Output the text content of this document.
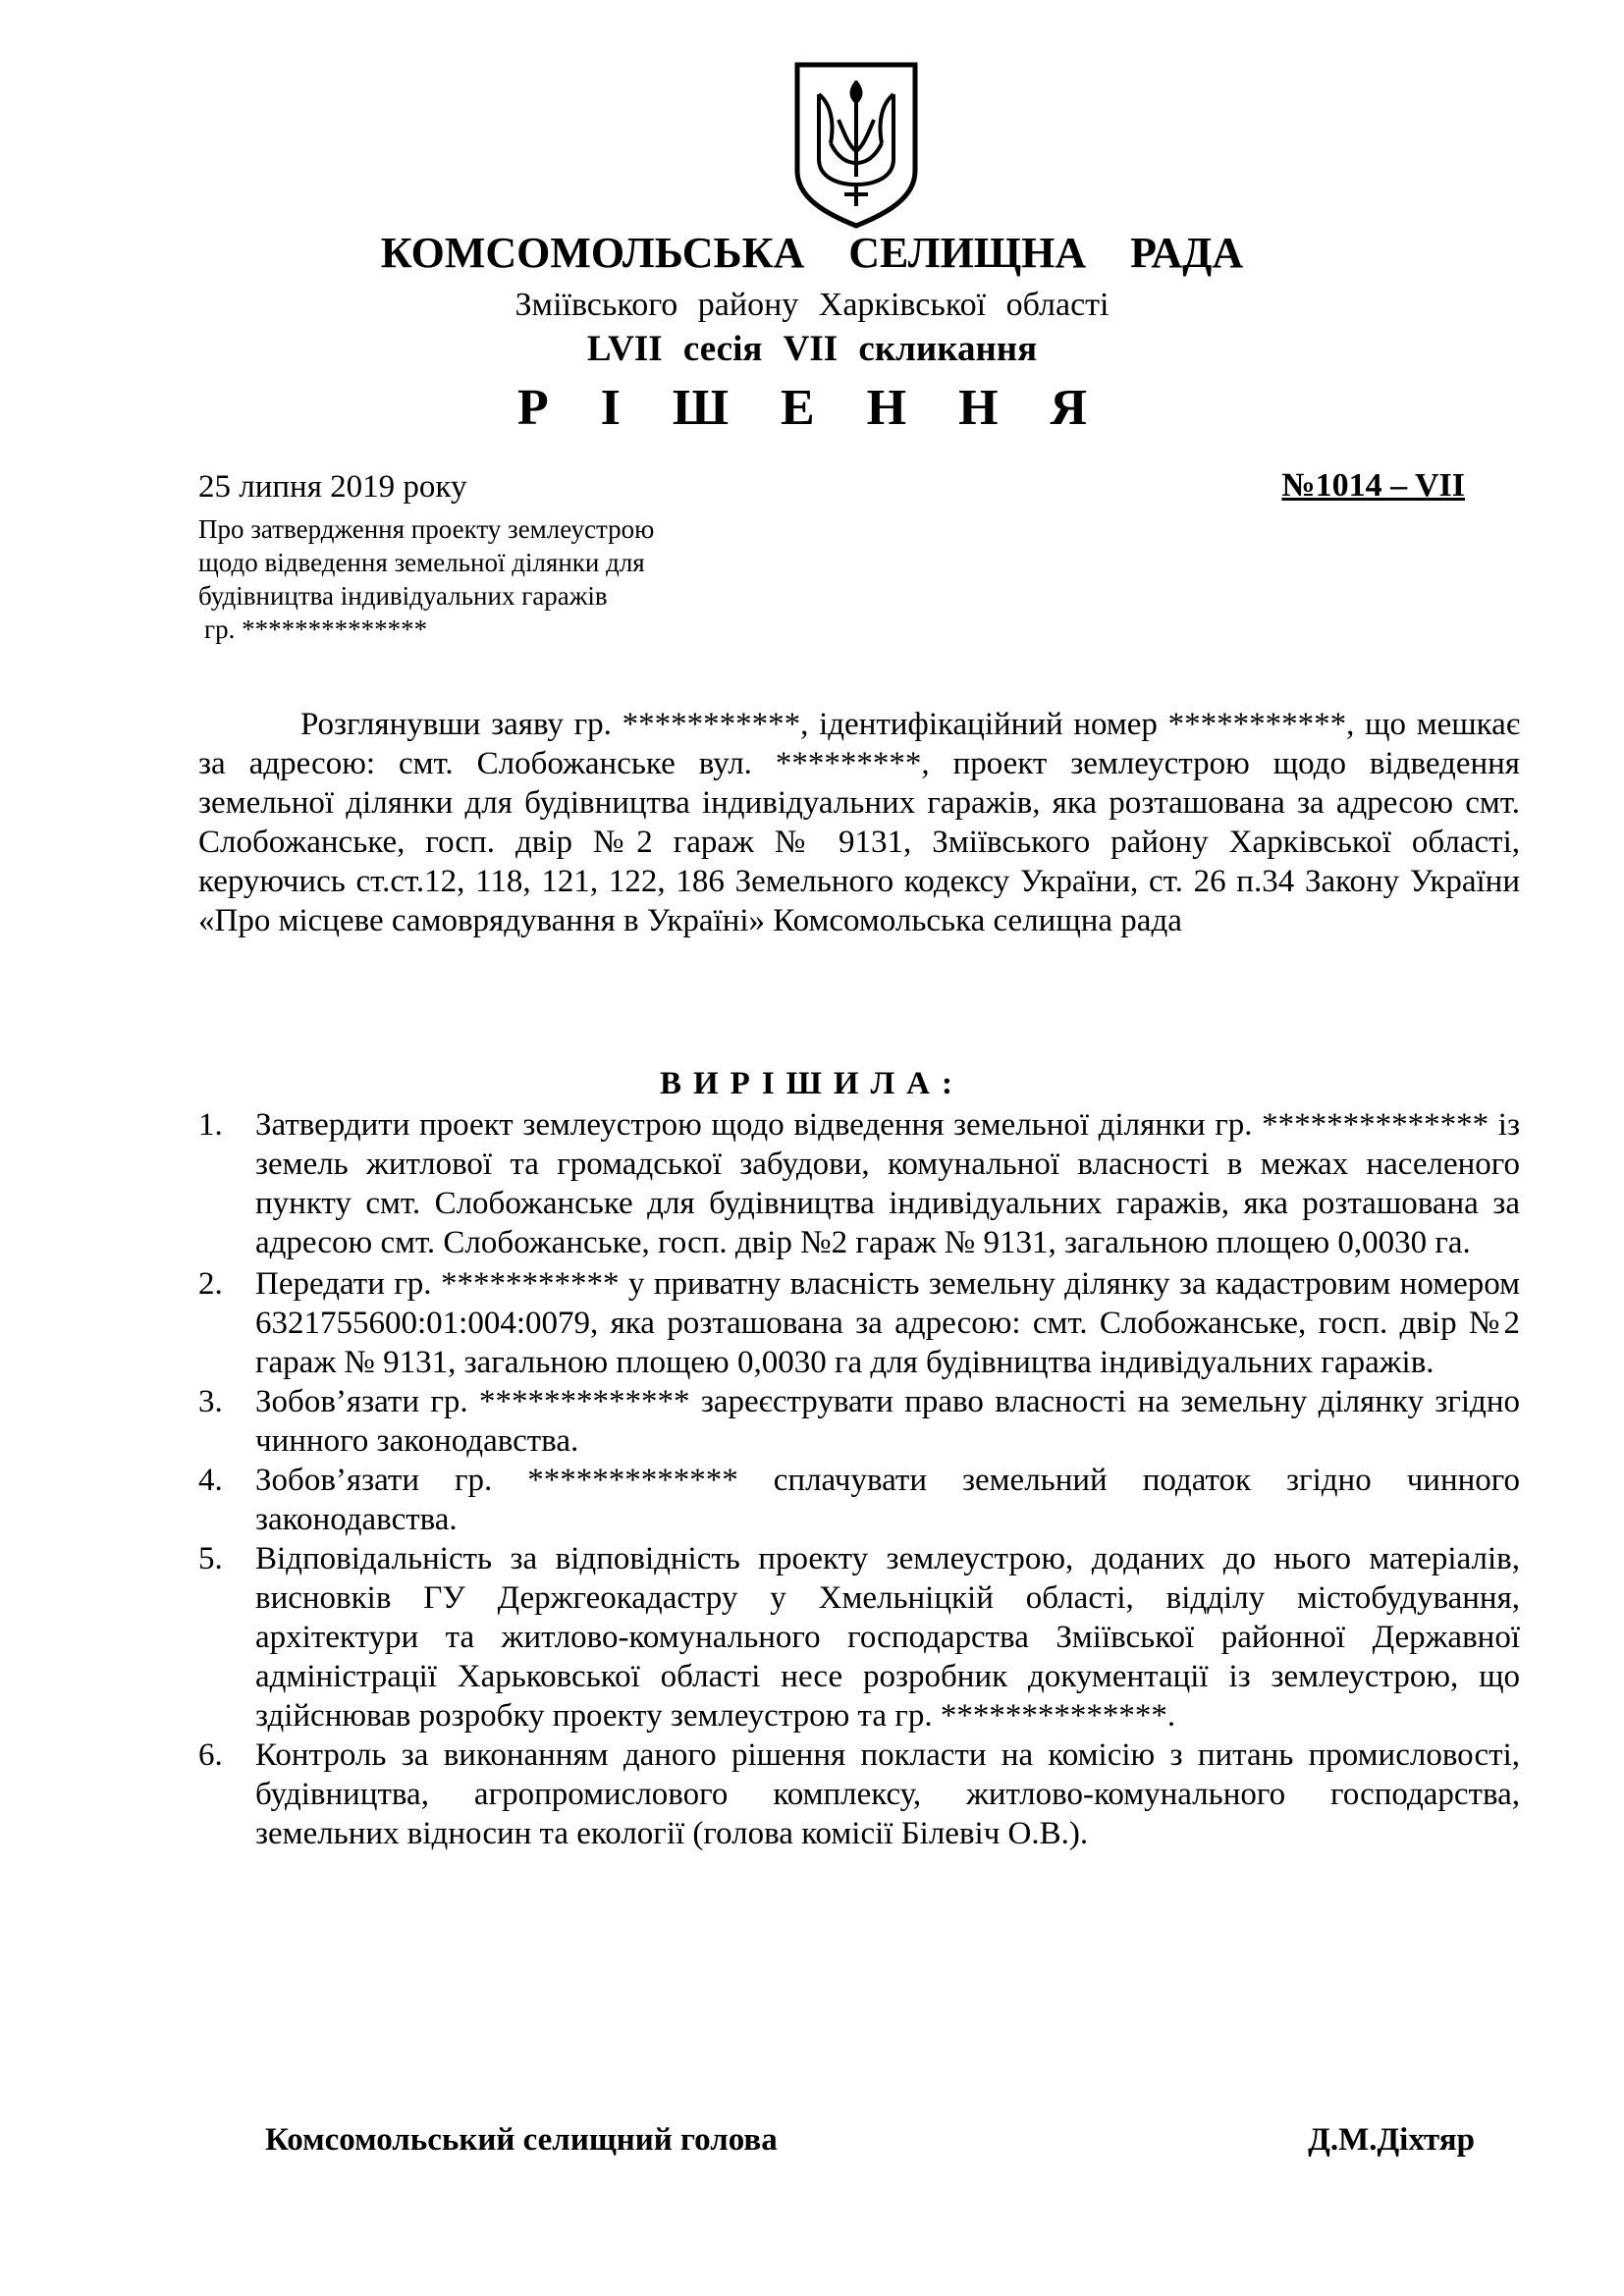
КОМСОМОЛЬСЬКА СЕЛИЩНА РАДА
Зміївського району Харківської області
LVII сесія VII скликання
Р І Ш Е Н Н Я
25 липня 2019 року	№1014 – VII
Про затвердження проекту землеустрою
щодо відведення земельної ділянки для
будівництва індивідуальних гаражів
гр. **************

Розглянувши заяву гр. ***********, ідентифікаційний номер ***********, що мешкає за адресою: смт. Слобожанське вул. *********, проект землеустрою щодо відведення земельної ділянки для будівництва індивідуальних гаражів, яка розташована за адресою смт. Слобожанське, госп. двір №2 гараж № 9131, Зміївського району Харківської області, керуючись ст.ст.12, 118, 121, 122, 186 Земельного кодексу України, ст. 26 п.34 Закону України «Про місцеве самоврядування в Україні» Комсомольська селищна рада

ВИРІШИЛА:
1. Затвердити проект землеустрою щодо відведення земельної ділянки гр. ************** із земель житлової та громадської забудови, комунальної власності в межах населеного пункту смт. Слобожанське для будівництва індивідуальних гаражів, яка розташована за адресою смт. Слобожанське, госп. двір №2 гараж № 9131, загальною площею 0,0030 га.
2. Передати гр. *********** у приватну власність земельну ділянку за кадастровим номером 6321755600:01:004:0079, яка розташована за адресою: смт. Слобожанське, госп. двір №2 гараж № 9131, загальною площею 0,0030 га для будівництва індивідуальних гаражів.
3. Зобов’язати гр. ************* зареєструвати право власності на земельну ділянку згідно чинного законодавства.
4. Зобов’язати гр. ************* сплачувати земельний податок згідно чинного законодавства.
5. Відповідальність за відповідність проекту землеустрою, доданих до нього матеріалів, висновків ГУ Держгеокадастру у Хмельніцкій області, відділу містобудування, архітектури та житлово-комунального господарства Зміївської районної Державної адміністрації Харьковської області несе розробник документації із землеустрою, що здійснював розробку проекту землеустрою та гр. **************.
6. Контроль за виконанням даного рішення покласти на комісію з питань промисловості, будівництва, агропромислового комплексу, житлово-комунального господарства, земельних відносин та екології (голова комісії Білевіч О.В.).
Комсомольський селищний голова	Д.М.Діхтяр
